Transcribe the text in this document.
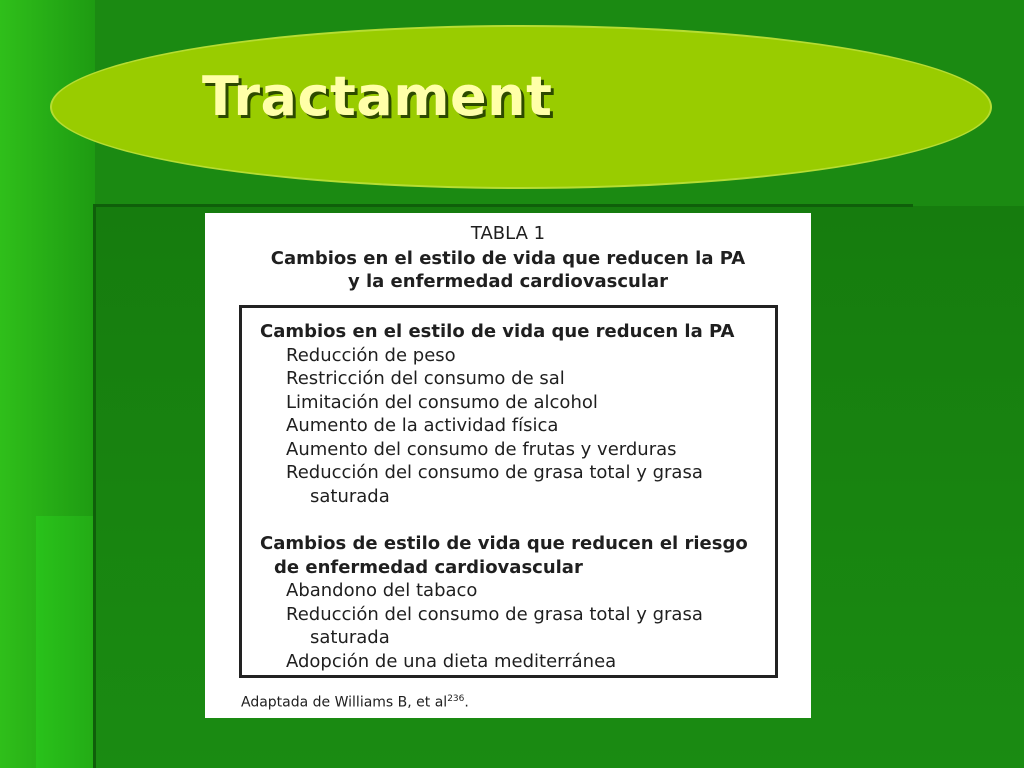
Tractament
TABLA 1
Cambios en el estilo de vida que reducen la PA
y la enfermedad cardiovascular
Cambios en el estilo de vida que reducen la PA
Reducción de peso
Restricción del consumo de sal
Limitación del consumo de alcohol
Aumento de la actividad física
Aumento del consumo de frutas y verduras
Reducción del consumo de grasa total y grasa
saturada
Cambios de estilo de vida que reducen el riesgo
de enfermedad cardiovascular
Abandono del tabaco
Reducción del consumo de grasa total y grasa
saturada
Adopción de una dieta mediterránea
Adaptada de Williams B, et $al^{236}$.
